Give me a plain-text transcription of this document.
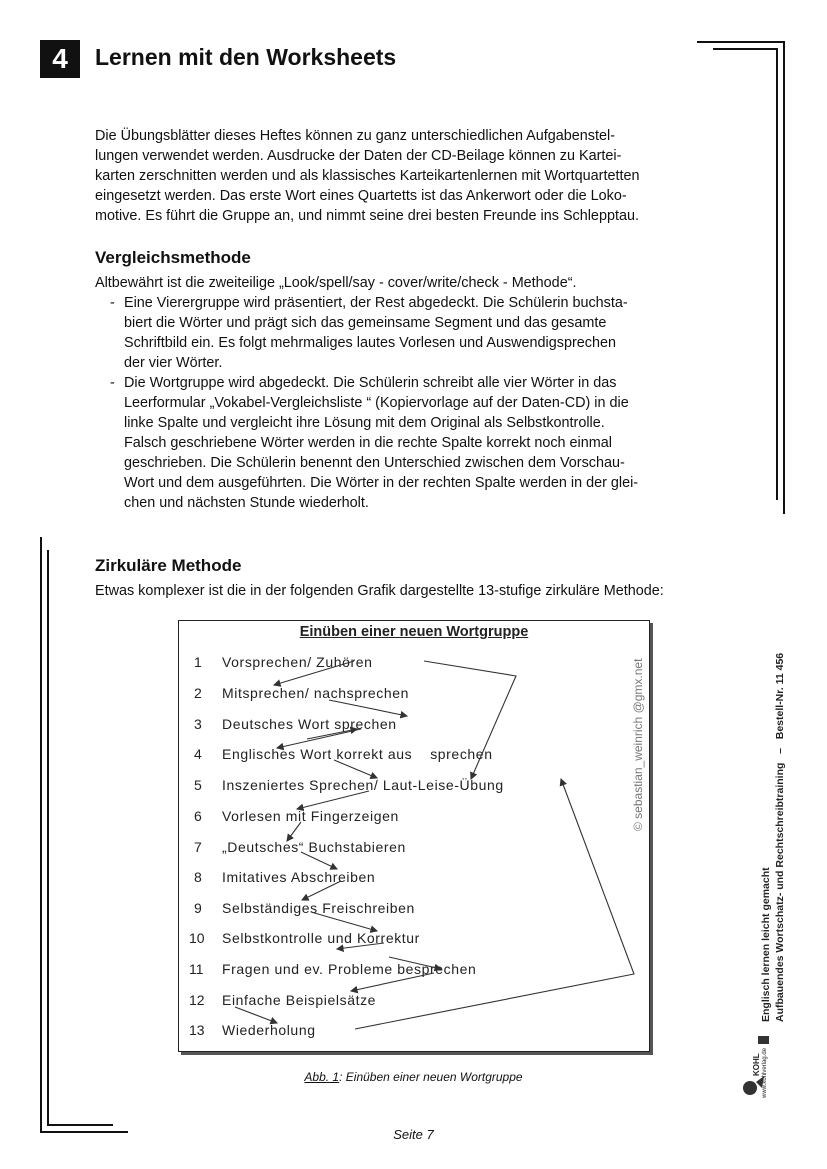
4	Lernen mit den Worksheets

Die Übungsblätter dieses Heftes können zu ganz unterschiedlichen Aufgabenstel-

lungen verwendet werden. Ausdrucke der Daten der CD-Beilage können zu Kartei-

karten zerschnitten werden und als klassisches Karteikartenlernen mit Wortquartetten

eingesetzt werden. Das erste Wort eines Quartetts ist das Ankerwort oder die Loko-

motive. Es führt die Gruppe an, und nimmt seine drei besten Freunde ins Schlepptau.

Vergleichsmethode
Altbewährt ist die zweiteilige „Look/spell/say - cover/write/check - Methode“.
- Eine Vierergruppe wird präsentiert, der Rest abgedeckt. Die Schülerin buchsta-
biert die Wörter und prägt sich das gemeinsame Segment und das gesamte
Schriftbild ein. Es folgt mehrmaliges lautes Vorlesen und Auswendigsprechen
der vier Wörter.
- Die Wortgruppe wird abgedeckt. Die Schülerin schreibt alle vier Wörter in das
Leerformular „Vokabel-Vergleichsliste “ (Kopiervorlage auf der Daten-CD) in die
linke Spalte und vergleicht ihre Lösung mit dem Original als Selbstkontrolle.
Falsch geschriebene Wörter werden in die rechte Spalte korrekt noch einmal
geschrieben. Die Schülerin benennt den Unterschied zwischen dem Vorschau-
Wort und dem ausgeführten. Die Wörter in der rechten Spalte werden in der glei-
chen und nächsten Stunde wiederholt.
Zirkuläre Methode
Etwas komplexer ist die in der folgenden Grafik dargestellte 13-stufige zirkuläre Methode:
Einüben einer neuen Wortgruppe
1 Vorsprechen/ Zuhören
2 Mitsprechen/ nachsprechen
3 Deutsches Wort sprechen
4 Englisches Wort korrekt aus    sprechen
5 Inszeniertes Sprechen/ Laut-Leise-Übung
6 Vorlesen mit Fingerzeigen
7 „Deutsches“ Buchstabieren
8 Imitatives Abschreiben
9 Selbständiges Freischreiben
10 Selbstkontrolle und Korrektur
11 Fragen und ev. Probleme besprechen
12 Einfache Beispielsätze
13 Wiederholung
© sebastian_weinrich @gmx.net
Abb. 1: Einüben einer neuen Wortgruppe
Englisch lernen leicht gemacht Aufbauendes Wortschatz- und Rechtschreibtraining   –   Bestell-Nr. 11 456
KOHL www.kohlverlag.de
Seite 7
